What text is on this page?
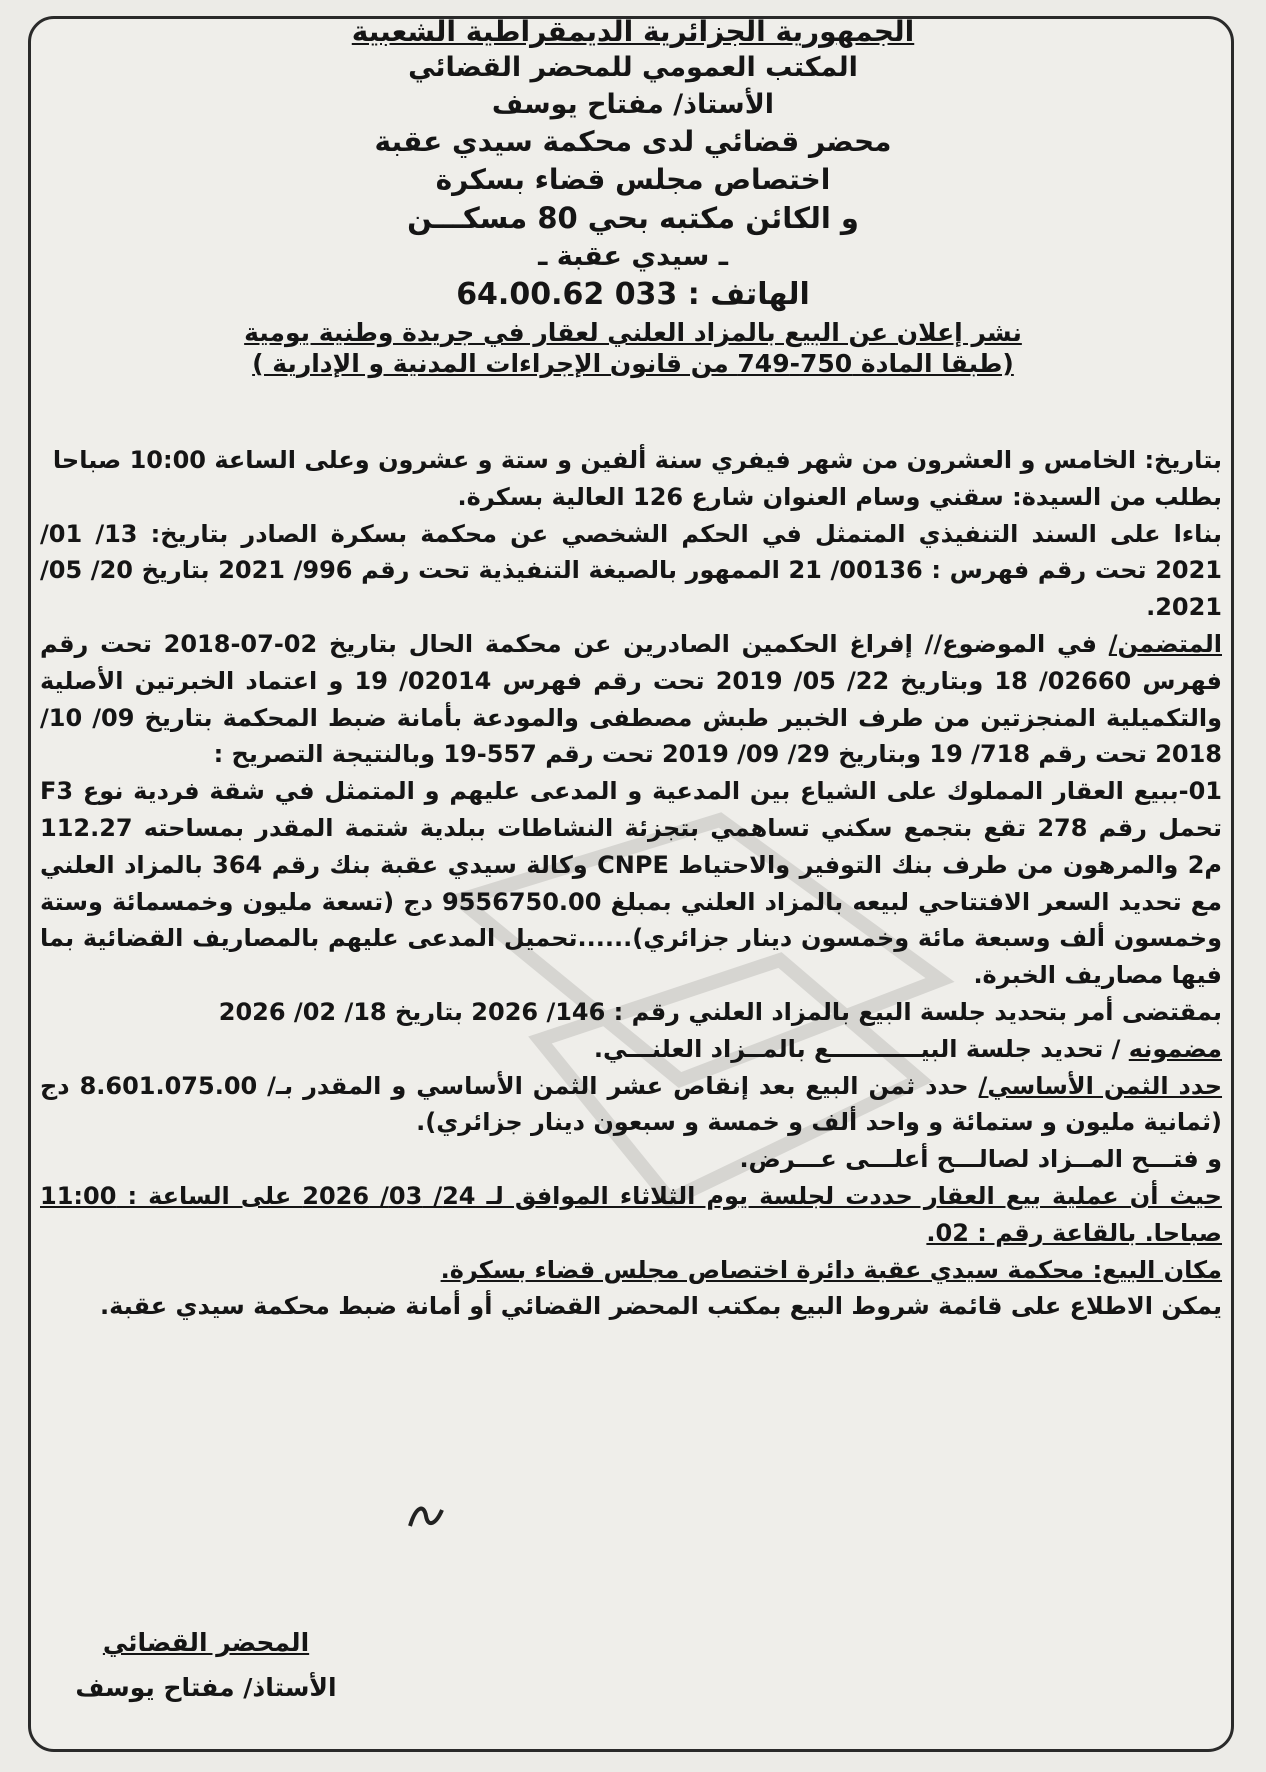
الجمهورية الجزائرية الديمقراطية الشعبية
المكتب العمومي للمحضر القضائي
الأستاذ/ مفتاح يوسف
محضر قضائي لدى محكمة سيدي عقبة
اختصاص مجلس قضاء بسكرة
و الكائن مكتبه بحي 80 مسكـــن
ـ سيدي عقبة ـ
الهاتف : 033 64.00.62
نشر إعلان عن البيع بالمزاد العلني لعقار في جريدة وطنية يومية
(طبقا المادة 750-749 من قانون الإجراءات المدنية و الإدارية )

بتاريخ: الخامس و العشرون من شهر فيفري سنة ألفين و ستة و عشرون وعلى الساعة 10:00 صباحا

بطلب من السيدة: سقني وسام العنوان شارع 126 العالية بسكرة.

بناءا على السند التنفيذي المتمثل في الحكم الشخصي عن محكمة بسكرة الصادر بتاريخ: 13/ 01/ 2021 تحت رقم فهرس : 00136/ 21 الممهور بالصيغة التنفيذية تحت رقم 996/ 2021 بتاريخ 20/ 05/ 2021.

المتضمن/ في الموضوع// إفراغ الحكمين الصادرين عن محكمة الحال بتاريخ 02-07-2018 تحت رقم فهرس 02660/ 18 وبتاريخ 22/ 05/ 2019 تحت رقم فهرس 02014/ 19 و اعتماد الخبرتين الأصلية والتكميلية المنجزتين من طرف الخبير طبش مصطفى والمودعة بأمانة ضبط المحكمة بتاريخ 09/ 10/ 2018 تحت رقم 718/ 19 وبتاريخ 29/ 09/ 2019 تحت رقم 557-19 وبالنتيجة التصريح :

01-ببيع العقار المملوك على الشياع بين المدعية و المدعى عليهم و المتمثل في شقة فردية نوع F3 تحمل رقم 278 تقع بتجمع سكني تساهمي بتجزئة النشاطات ببلدية شتمة المقدر بمساحته 112.27 م2 والمرهون من طرف بنك التوفير والاحتياط CNPE وكالة سيدي عقبة بنك رقم 364 بالمزاد العلني مع تحديد السعر الافتتاحي لبيعه بالمزاد العلني بمبلغ 9556750.00 دج (تسعة مليون وخمسمائة وستة وخمسون ألف وسبعة مائة وخمسون دينار جزائري)......تحميل المدعى عليهم بالمصاريف القضائية بما فيها مصاريف الخبرة.

بمقتضى أمر بتحديد جلسة البيع بالمزاد العلني رقم : 146/ 2026 بتاريخ 18/ 02/ 2026

مضمونه / تحديد جلسة البيـــــــــــع بالمــزاد العلنـــي.

حدد الثمن الأساسي/ حدد ثمن البيع بعد إنقاص عشر الثمن الأساسي و المقدر بـ/ 8.601.075.00 دج (ثمانية مليون و ستمائة و واحد ألف و خمسة و سبعون دينار جزائري).

و فتـــح المــزاد لصالـــح أعلـــى عـــرض.

حيث أن عملية بيع العقار حددت لجلسة يوم الثلاثاء الموافق لـ 24/ 03/ 2026 على الساعة : 11:00 صباحا. بالقاعة رقم : 02.

مكان البيع: محكمة سيدي عقبة دائرة اختصاص مجلس قضاء بسكرة.

يمكن الاطلاع على قائمة شروط البيع بمكتب المحضر القضائي أو أمانة ضبط محكمة سيدي عقبة.

المحضر القضائي
الأستاذ/ مفتاح يوسف
